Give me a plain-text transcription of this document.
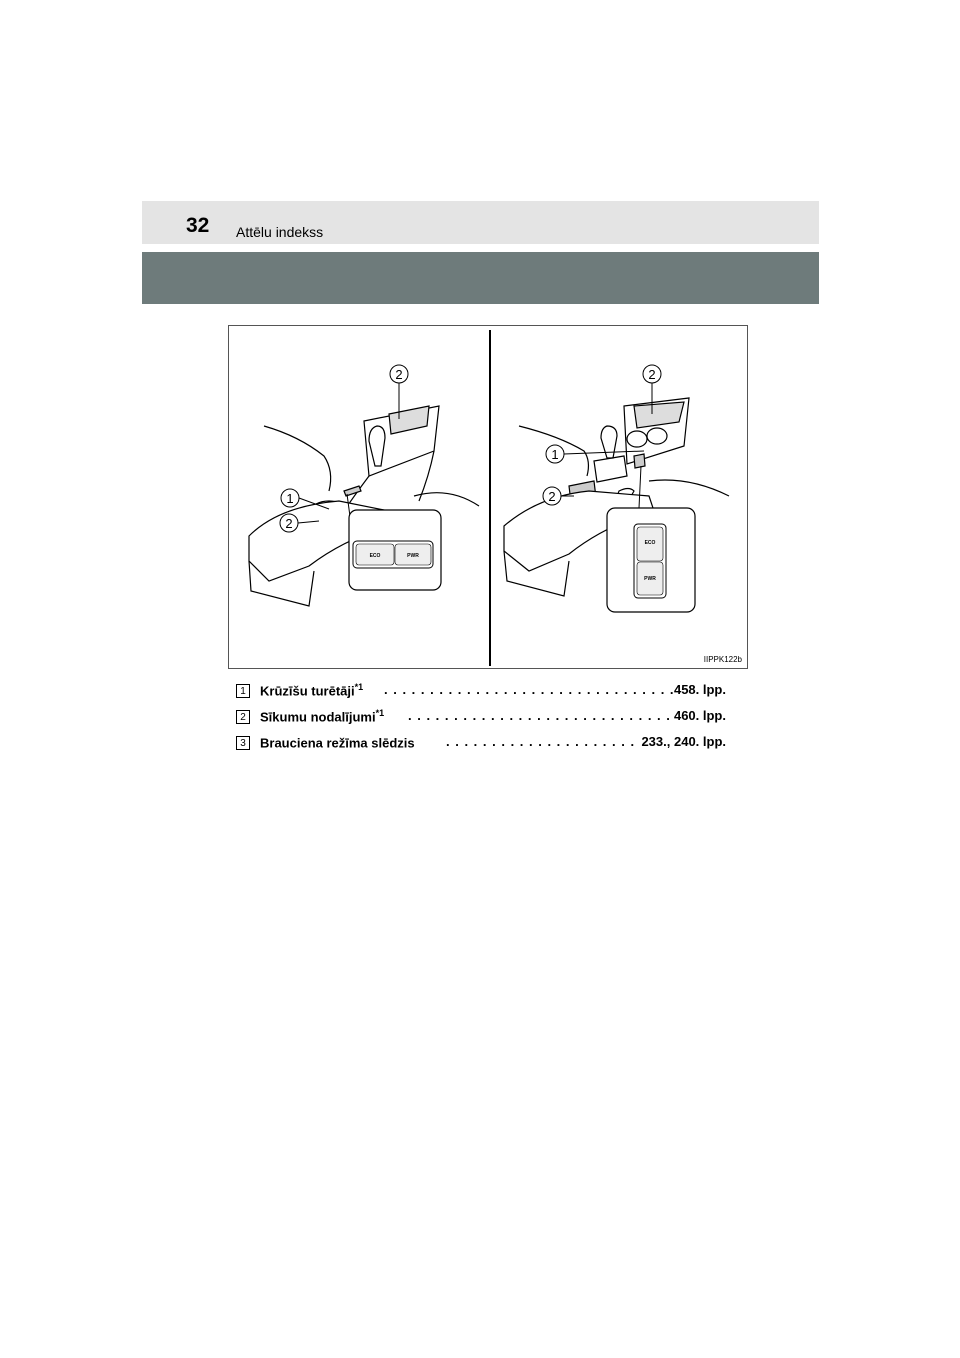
32 Attēlu indekss
2
1
2
ECO	PWR
2
1
2
ECO
PWR
IIPPK122b
1	Krūzīšu turētāji$^{*1}$ . . . . . . . . . . . . . . . . . . . . . . . . . . . . . . . . 458. lpp.
2	Sīkumu nodalījumi$^{*1}$ . . . . . . . . . . . . . . . . . . . . . . . . . . . . . 460. lpp.
3	Brauciena režīma slēdzis . . . . . . . . . . . . . . . . . . . . . 233., 240. lpp.
